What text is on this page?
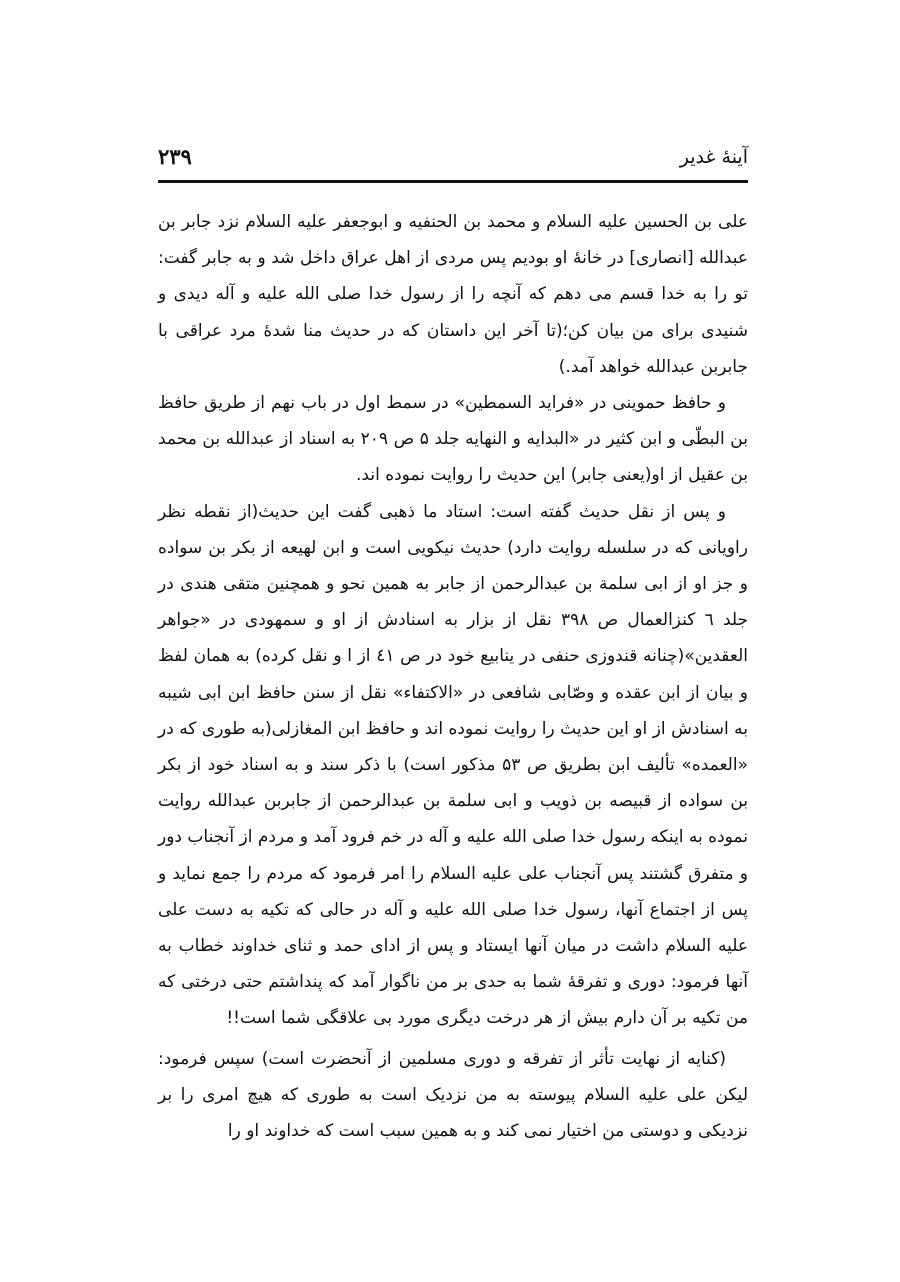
آینهٔ غدیر
۲۳۹

علی بن الحسین علیه السلام و محمد بن الحنفیه و ابوجعفر علیه السلام نزد جابر بن عبدالله [انصاری] در خانهٔ او بودیم پس مردی از اهل عراق داخل شد و به جابر گفت: تو را به خدا قسم می دهم که آنچه را از رسول خدا صلی الله علیه و آله دیدی و شنیدی برای من بیان کن؛(تا آخر این داستان که در حدیث منا شدهٔ مرد عراقی با جابربن عبدالله خواهد آمد.)

و حافظ حموینی در «فراید السمطین» در سمط اول در باب نهم از طریق حافظ بن البطّی و ابن کثیر در «البدایه و النهایه جلد ۵ ص ۲۰۹ به اسناد از عبدالله بن محمد بن عقیل از او(یعنی جابر) این حدیث را روایت نموده اند.

و پس از نقل حدیث گفته است: استاد ما ذهبی گفت این حدیث(از نقطه نظر راویانی که در سلسله روایت دارد) حدیث نیکویی است و ابن لهیعه از بکر بن سواده و جز او از ابی سلمة بن عبدالرحمن از جابر به همین نحو و همچنین متقی هندی در جلد ٦ کنزالعمال ص ۳۹۸ نقل از بزار به اسنادش از او و سمهودی در «جواهر العقدین»(چنانه قندوزی حنفی در ینابیع خود در ص ٤۱ از ا و نقل کرده) به همان لفظ و بیان از ابن عقده و وصّابی شافعی در «الاکتفاء» نقل از سنن حافظ ابن ابی شیبه به اسنادش از او این حدیث را روایت نموده اند و حافظ ابن المغازلی(به طوری که در «العمده» تألیف ابن بطریق ص ۵۳ مذکور است) با ذکر سند و به اسناد خود از بکر بن سواده از قبیصه بن ذویب و ابی سلمة بن عبدالرحمن از جابربن عبدالله روایت نموده به اینکه رسول خدا صلی الله علیه و آله در خم فرود آمد و مردم از آنجناب دور و متفرق گشتند پس آنجناب علی علیه السلام را امر فرمود که مردم را جمع نماید و پس از اجتماع آنها، رسول خدا صلی الله علیه و آله در حالی که تکیه به دست علی علیه السلام داشت در میان آنها ایستاد و پس از ادای حمد و ثنای خداوند خطاب به آنها فرمود: دوری و تفرقهٔ شما به حدی بر من ناگوار آمد که پنداشتم حتی درختی که من تکیه بر آن دارم بیش از هر درخت دیگری مورد بی علاقگی شما است!!

(کنایه از نهایت تأثر از تفرقه و دوری مسلمین از آنحضرت است) سپس فرمود: لیکن علی علیه السلام پیوسته به من نزدیک است به طوری که هیچ امری را بر نزدیکی و دوستی من اختیار نمی کند و به همین سبب است که خداوند او را
